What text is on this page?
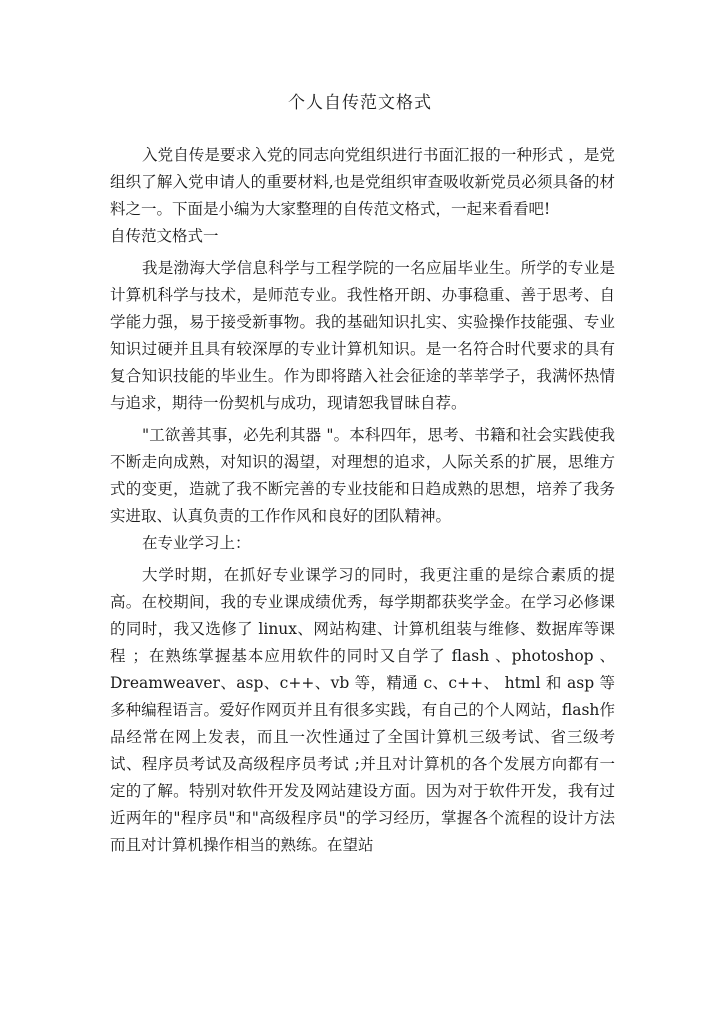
个人自传范文格式

入党自传是要求入党的同志向党组织进行书面汇报的一种形式 ，是党组织了解入党申请人的重要材料,也是党组织审查吸收新党员必须具备的材料之一。下面是小编为大家整理的自传范文格式，一起来看看吧!

自传范文格式一

我是渤海大学信息科学与工程学院的一名应届毕业生。所学的专业是计算机科学与技术，是师范专业。我性格开朗、办事稳重、善于思考、自学能力强，易于接受新事物。我的基础知识扎实、实验操作技能强、专业知识过硬并且具有较深厚的专业计算机知识。是一名符合时代要求的具有复合知识技能的毕业生。作为即将踏入社会征途的莘莘学子，我满怀热情与追求，期待一份契机与成功，现请恕我冒昧自荐。

"工欲善其事，必先利其器 "。本科四年，思考、书籍和社会实践使我不断走向成熟，对知识的渴望，对理想的追求，人际关系的扩展，思维方式的变更，造就了我不断完善的专业技能和日趋成熟的思想，培养了我务实进取、认真负责的工作作风和良好的团队精神。

在专业学习上：

大学时期，在抓好专业课学习的同时，我更注重的是综合素质的提高。在校期间，我的专业课成绩优秀，每学期都获奖学金。在学习必修课的同时，我又选修了 linux、网站构建、计算机组装与维修、数据库等课程 ；在熟练掌握基本应用软件的同时又自学了 flash 、photoshop 、Dreamweaver、asp、c++、vb 等，精通 c、c++、 html 和 asp 等多种编程语言。爱好作网页并且有很多实践，有自己的个人网站，flash作品经常在网上发表，而且一次性通过了全国计算机三级考试、省三级考试、程序员考试及高级程序员考试 ;并且对计算机的各个发展方向都有一定的了解。特别对软件开发及网站建设方面。因为对于软件开发，我有过近两年的"程序员"和"高级程序员"的学习经历，掌握各个流程的设计方法而且对计算机操作相当的熟练。在望站
